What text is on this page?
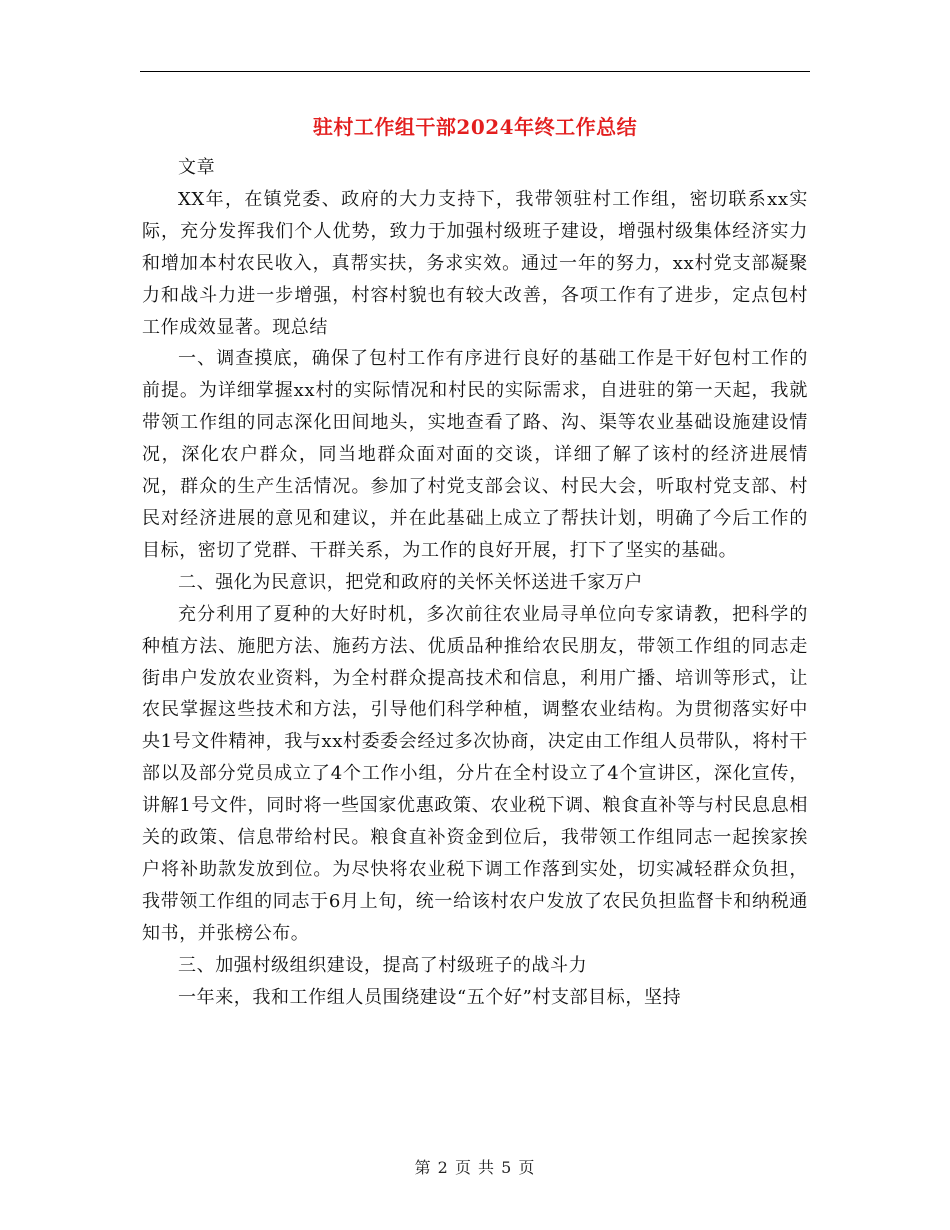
驻村工作组干部2024年终工作总结

文章

XX年，在镇党委、政府的大力支持下，我带领驻村工作组，密切联系xx实际，充分发挥我们个人优势，致力于加强村级班子建设，增强村级集体经济实力和增加本村农民收入，真帮实扶，务求实效。通过一年的努力，xx村党支部凝聚力和战斗力进一步增强，村容村貌也有较大改善，各项工作有了进步，定点包村工作成效显著。现总结

一、调查摸底，确保了包村工作有序进行良好的基础工作是干好包村工作的前提。为详细掌握xx村的实际情况和村民的实际需求，自进驻的第一天起，我就带领工作组的同志深化田间地头，实地查看了路、沟、渠等农业基础设施建设情况，深化农户群众，同当地群众面对面的交谈，详细了解了该村的经济进展情况，群众的生产生活情况。参加了村党支部会议、村民大会，听取村党支部、村民对经济进展的意见和建议，并在此基础上成立了帮扶计划，明确了今后工作的目标，密切了党群、干群关系，为工作的良好开展，打下了坚实的基础。

二、强化为民意识，把党和政府的关怀关怀送进千家万户

充分利用了夏种的大好时机，多次前往农业局寻单位向专家请教，把科学的种植方法、施肥方法、施药方法、优质品种推给农民朋友，带领工作组的同志走街串户发放农业资料，为全村群众提高技术和信息，利用广播、培训等形式，让农民掌握这些技术和方法，引导他们科学种植，调整农业结构。为贯彻落实好中央1号文件精神，我与xx村委委会经过多次协商，决定由工作组人员带队，将村干部以及部分党员成立了4个工作小组，分片在全村设立了4个宣讲区，深化宣传，讲解1号文件，同时将一些国家优惠政策、农业税下调、粮食直补等与村民息息相关的政策、信息带给村民。粮食直补资金到位后，我带领工作组同志一起挨家挨户将补助款发放到位。为尽快将农业税下调工作落到实处，切实减轻群众负担，我带领工作组的同志于6月上旬，统一给该村农户发放了农民负担监督卡和纳税通知书，并张榜公布。

三、加强村级组织建设，提高了村级班子的战斗力

一年来，我和工作组人员围绕建设“五个好”村支部目标，坚持

第 2 页 共 5 页
